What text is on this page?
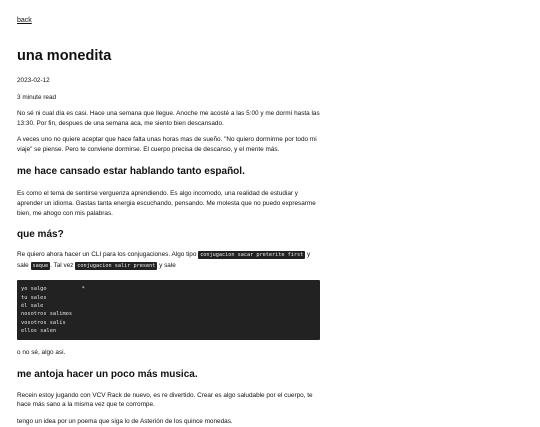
back
una monedita
2023-02-12
3 minute read

No sé ni cual día es casi. Hace una semana que llegue. Anoche me acosté a las 5:00 y me dormí hasta las 13:30. Por fin, despues de una semana aca, me siento bien descansado.

A veces uno no quiere aceptar que hace falta unas horas mas de sueño. "No quiero dormirme por todo mi viaje" se piense. Pero te conviene dormirse. El cuerpo precisa de descanso, y el mente más.

me hace cansado estar hablando tanto español.

Es como el tema de sentirse verguenza aprendiendo. Es algo incomodo, una realidad de estudiar y aprender un idioma. Gastas tanta energia escuchando, pensando. Me molesta que no puedo expresarme bien, me ahogo con mis palabras.

que más?

Re quiero ahora hacer un CLI para los conjugaciones. Algo tipo conjugacion sacar preterite first y sale saque . Tal vez conjugacion salir present y sale

yo salgo           *
tu sales
él sale
nosotros salimos
vosotros salís
ellos salen

o no sé, algo asi.

me antoja hacer un poco más musica.

Recein estoy jugando con VCV Rack de nuevo, es re divertido. Crear es algo saludable por el cuerpo, te hace más sano a la misma vez que te corrompe.

tengo un idea por un poema que siga lo de Asterión de los quince monedas.
